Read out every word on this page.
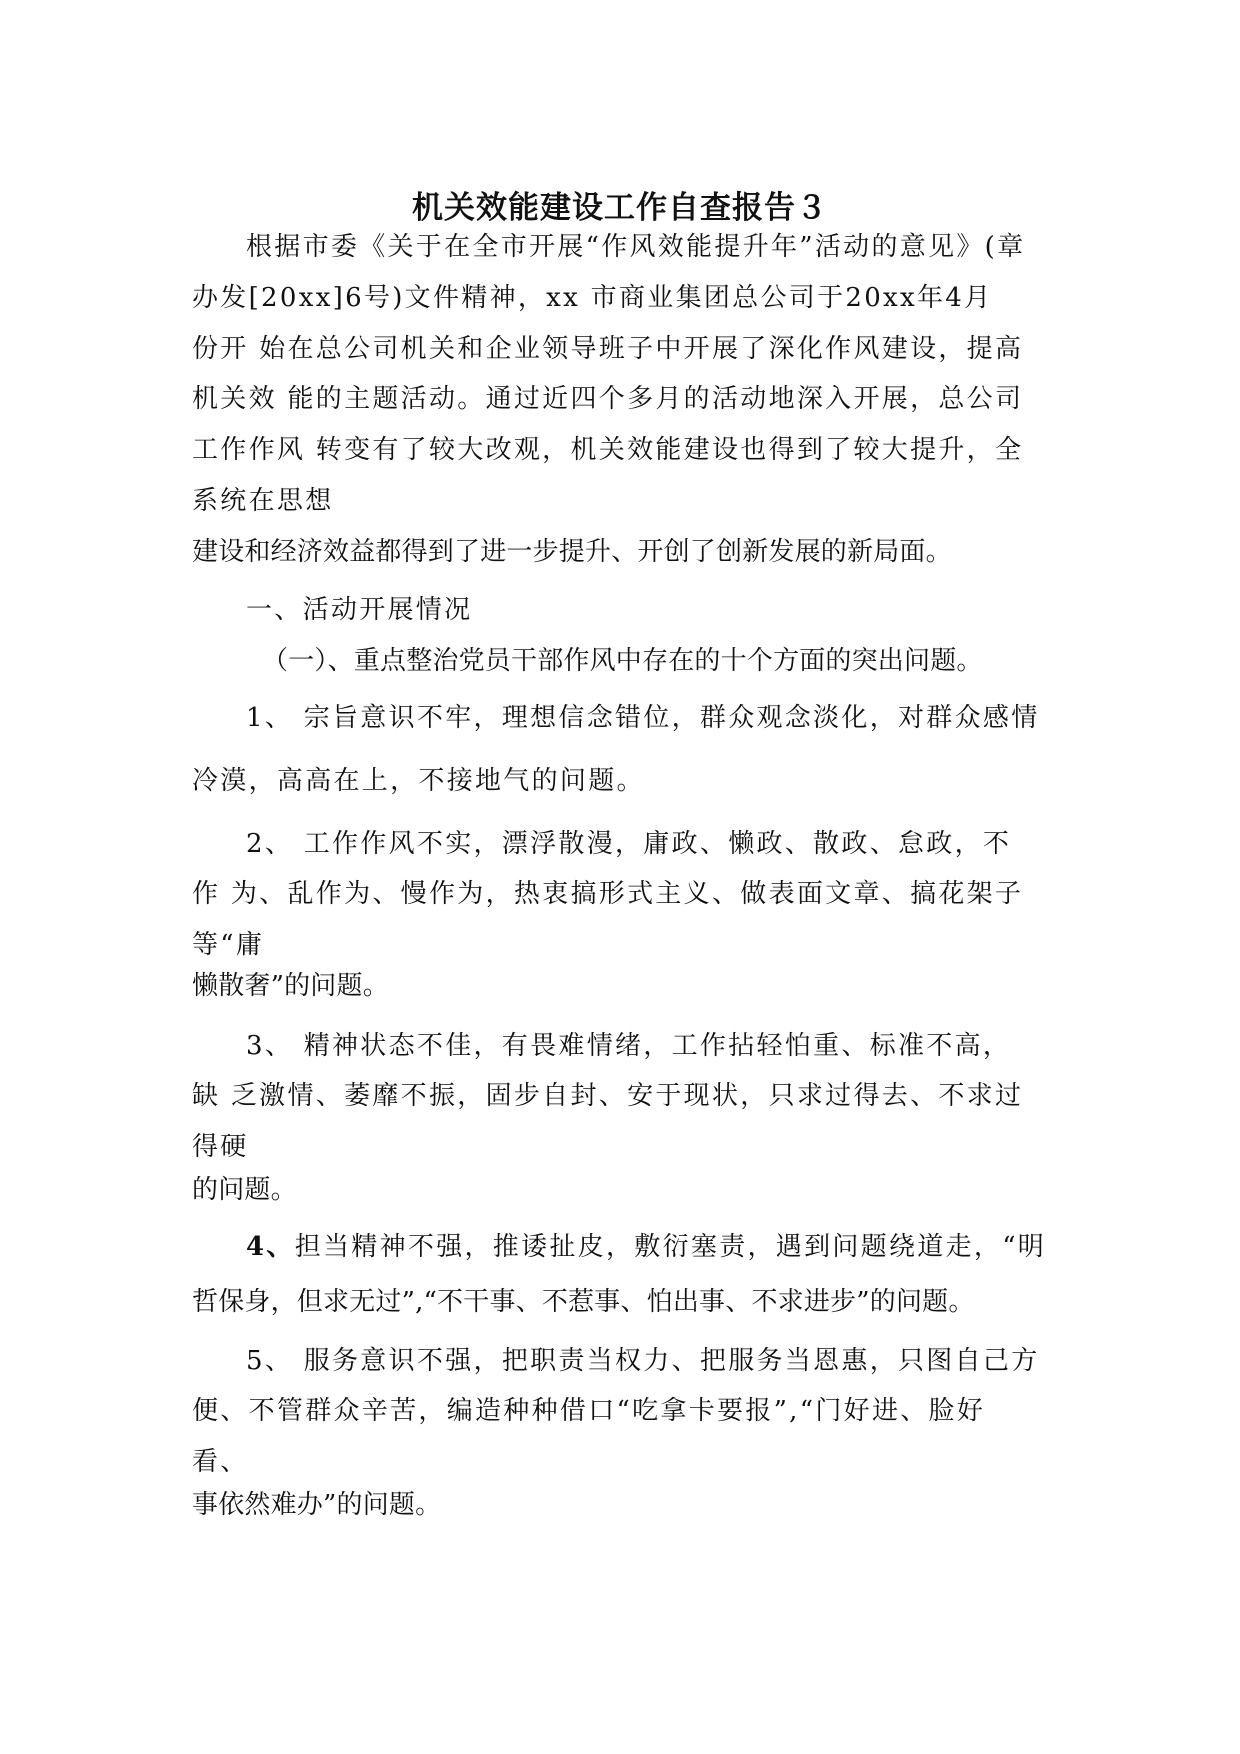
机关效能建设工作自查报告３
根据市委《关于在全市开展“作风效能提升年”活动的意见》(章
办发[20xx]6号)文件精神，xx 市商业集团总公司于20xx年4月
份开 始在总公司机关和企业领导班子中开展了深化作风建设，提高
机关效 能的主题活动。通过近四个多月的活动地深入开展，总公司
工作作风 转变有了较大改观，机关效能建设也得到了较大提升，全
系统在思想
建设和经济效益都得到了进一步提升、开创了创新发展的新局面。
一、活动开展情况
（一）、重点整治党员干部作风中存在的十个方面的突出问题。
1、 宗旨意识不牢，理想信念错位，群众观念淡化，对群众感情
冷漠，高高在上，不接地气的问题。
2、 工作作风不实，漂浮散漫，庸政、懒政、散政、怠政，不
作 为、乱作为、慢作为，热衷搞形式主义、做表面文章、搞花架子
等“庸
懒散奢”的问题。
3、 精神状态不佳，有畏难情绪，工作拈轻怕重、标准不高，
缺 乏激情、萎靡不振，固步自封、安于现状，只求过得去、不求过
得硬
的问题。
4、担当精神不强，推诿扯皮，敷衍塞责，遇到问题绕道走，“明
哲保身，但求无过”,“不干事、不惹事、怕出事、不求进步”的问题。
5、 服务意识不强，把职责当权力、把服务当恩惠，只图自己方
便、不管群众辛苦，编造种种借口“吃拿卡要报”,“门好进、脸好
看、
事依然难办”的问题。
